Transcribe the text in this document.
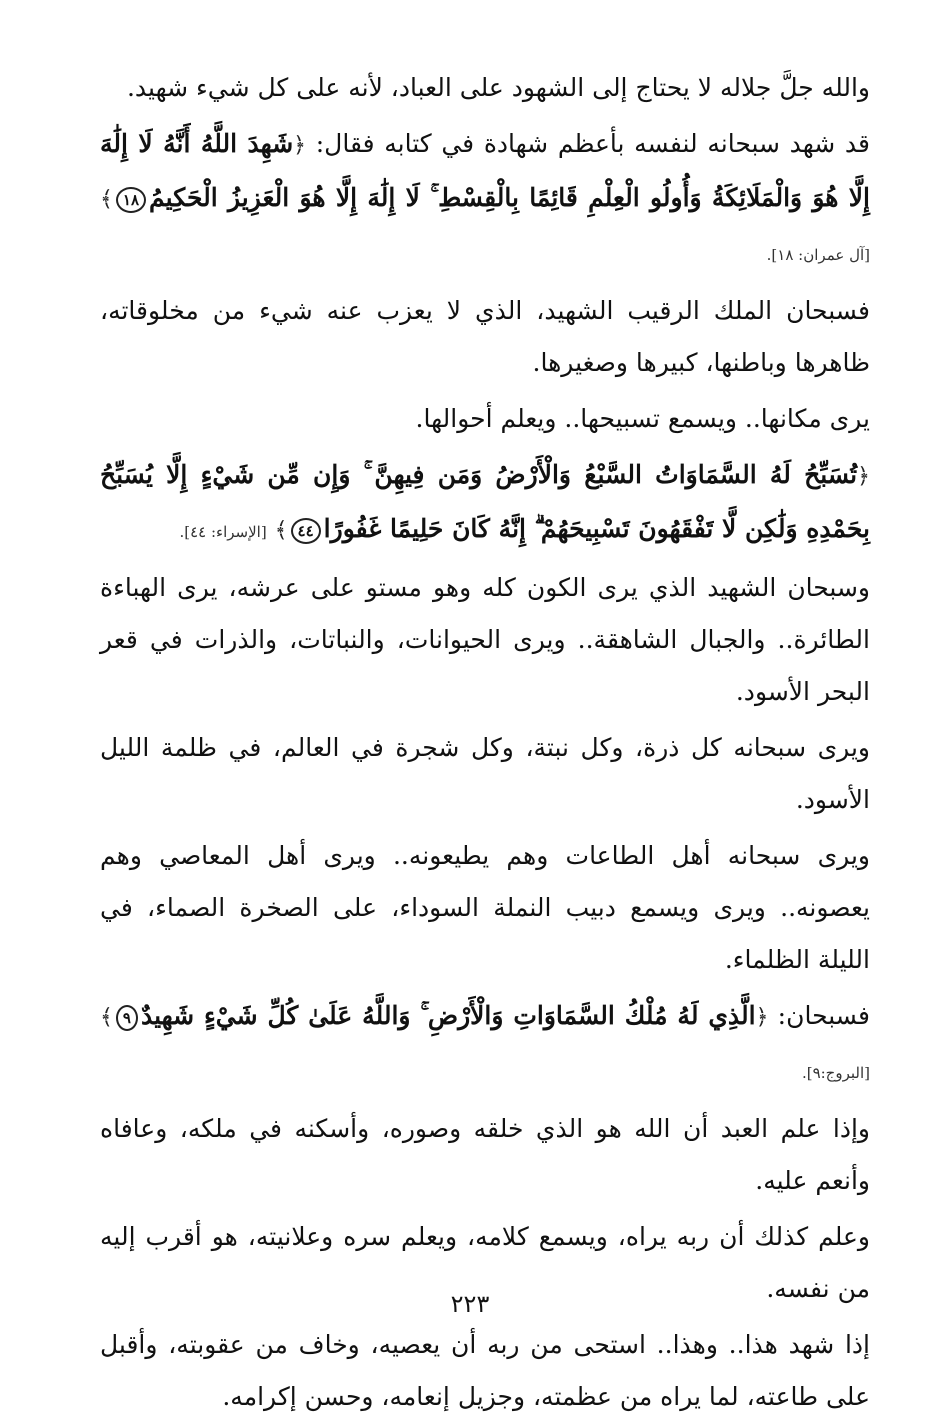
والله جلَّ جلاله لا يحتاج إلى الشهود على العباد، لأنه على كل شيء شهيد.

قد شهد سبحانه لنفسه بأعظم شهادة في كتابه فقال: ﴿شَهِدَ اللَّهُ أَنَّهُ لَا إِلَٰهَ إِلَّا هُوَ وَالْمَلَائِكَةُ وَأُولُو الْعِلْمِ قَائِمًا بِالْقِسْطِ ۚ لَا إِلَٰهَ إِلَّا هُوَ الْعَزِيزُ الْحَكِيمُ١٨﴾ [آل عمران: ١٨].

فسبحان الملك الرقيب الشهيد، الذي لا يعزب عنه شيء من مخلوقاته، ظاهرها وباطنها، كبيرها وصغيرها.

يرى مكانها.. ويسمع تسبيحها.. ويعلم أحوالها.

﴿تُسَبِّحُ لَهُ السَّمَاوَاتُ السَّبْعُ وَالْأَرْضُ وَمَن فِيهِنَّ ۚ وَإِن مِّن شَيْءٍ إِلَّا يُسَبِّحُ بِحَمْدِهِ وَلَٰكِن لَّا تَفْقَهُونَ تَسْبِيحَهُمْ ۗ إِنَّهُ كَانَ حَلِيمًا غَفُورًا٤٤﴾ [الإسراء: ٤٤].

وسبحان الشهيد الذي يرى الكون كله وهو مستو على عرشه، يرى الهباءة الطائرة.. والجبال الشاهقة.. ويرى الحيوانات، والنباتات، والذرات في قعر البحر الأسود.

ويرى سبحانه كل ذرة، وكل نبتة، وكل شجرة في العالم، في ظلمة الليل الأسود.

ويرى سبحانه أهل الطاعات وهم يطيعونه.. ويرى أهل المعاصي وهم يعصونه.. ويرى ويسمع دبيب النملة السوداء، على الصخرة الصماء، في الليلة الظلماء.

فسبحان: ﴿الَّذِي لَهُ مُلْكُ السَّمَاوَاتِ وَالْأَرْضِ ۚ وَاللَّهُ عَلَىٰ كُلِّ شَيْءٍ شَهِيدٌ٩﴾ [البروج:٩].

وإذا علم العبد أن الله هو الذي خلقه وصوره، وأسكنه في ملكه، وعافاه وأنعم عليه.

وعلم كذلك أن ربه يراه، ويسمع كلامه، ويعلم سره وعلانيته، هو أقرب إليه من نفسه.

إذا شهد هذا.. وهذا.. استحى من ربه أن يعصيه، وخاف من عقوبته، وأقبل على طاعته، لما يراه من عظمته، وجزيل إنعامه، وحسن إكرامه.

٢٢٣
